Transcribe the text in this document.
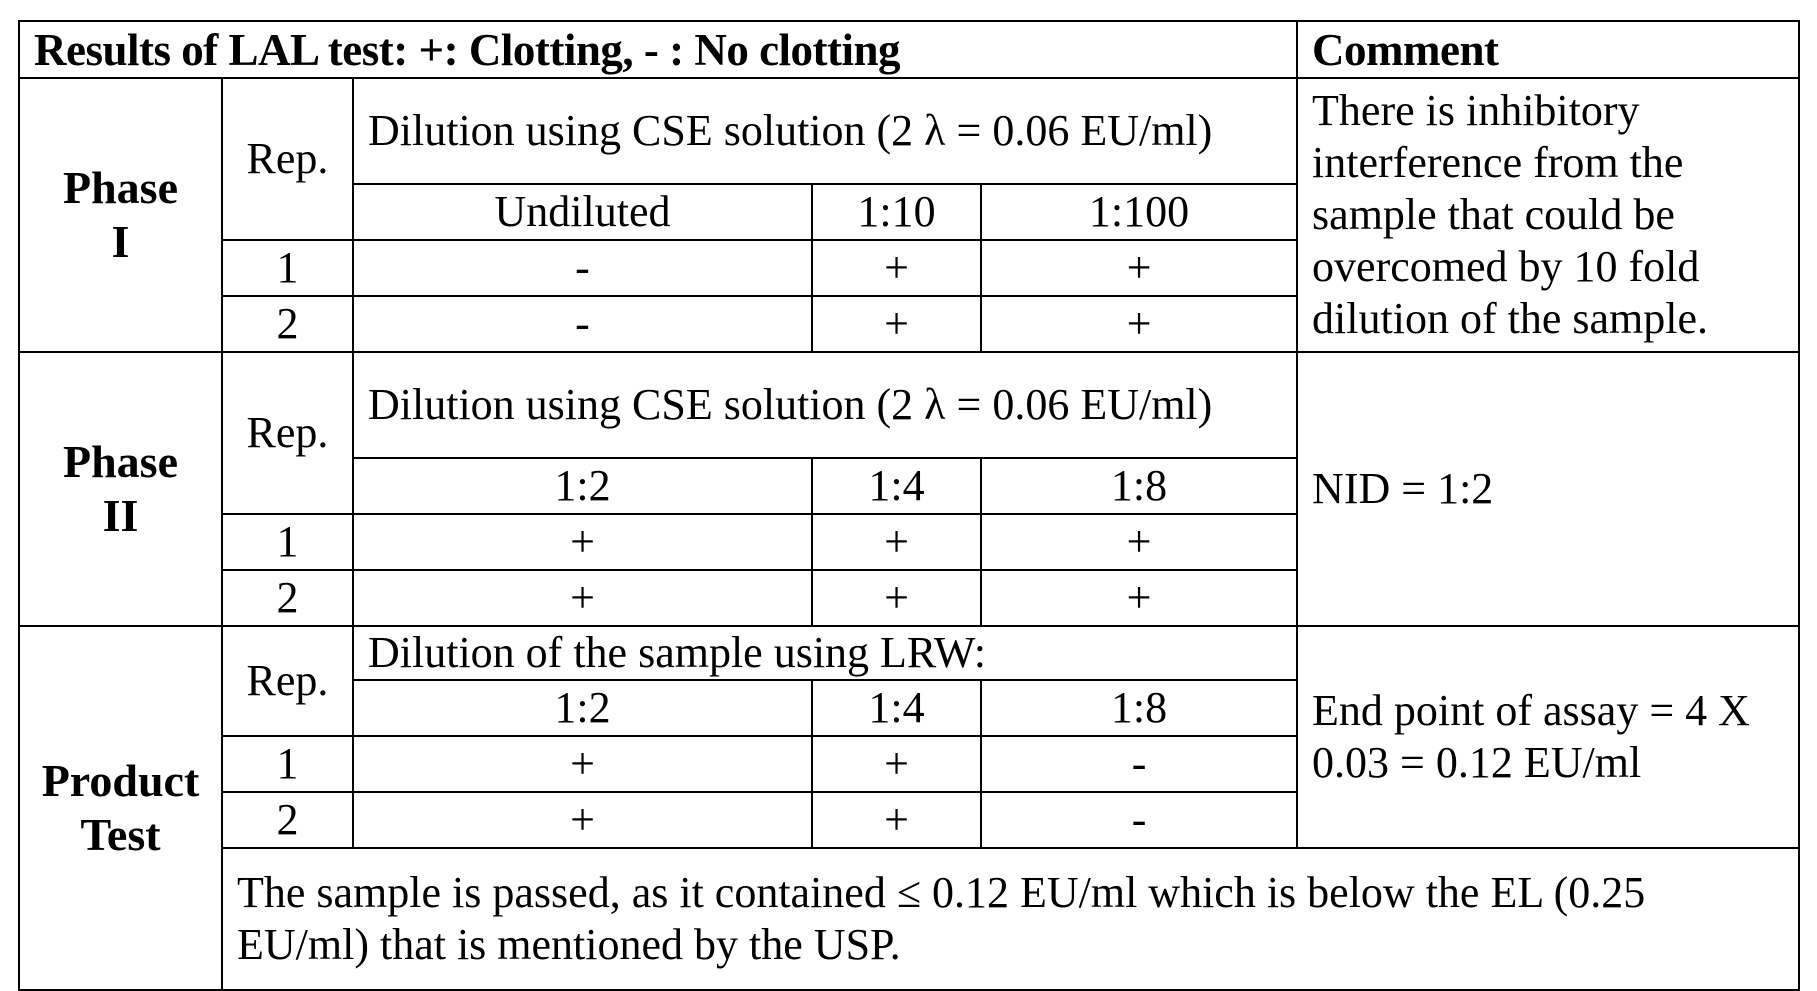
Results of LAL test: +: Clotting, - : No clotting					Comment

Phase
I	Rep.	Dilution using CSE solution (2 λ = 0.06 EU/ml)			There is inhibitory interference from the sample that could be overcomed by 10 fold dilution of the sample.
		Undiluted	1:10	1:100	
	1	-	+	+	
	2	-	+	+	

Phase
II	Rep.	Dilution using CSE solution (2 λ = 0.06 EU/ml)			NID = 1:2
		1:2	1:4	1:8	
	1	+	+	+	
	2	+	+	+	

Product
Test	Rep.	Dilution of the sample using LRW:			End point of assay = 4 X 0.03 = 0.12 EU/ml
		1:2	1:4	1:8	
	1	+	+	-	
	2	+	+	-	
	The sample is passed, as it contained ≤ 0.12 EU/ml which is below the EL (0.25 EU/ml) that is mentioned by the USP.				
